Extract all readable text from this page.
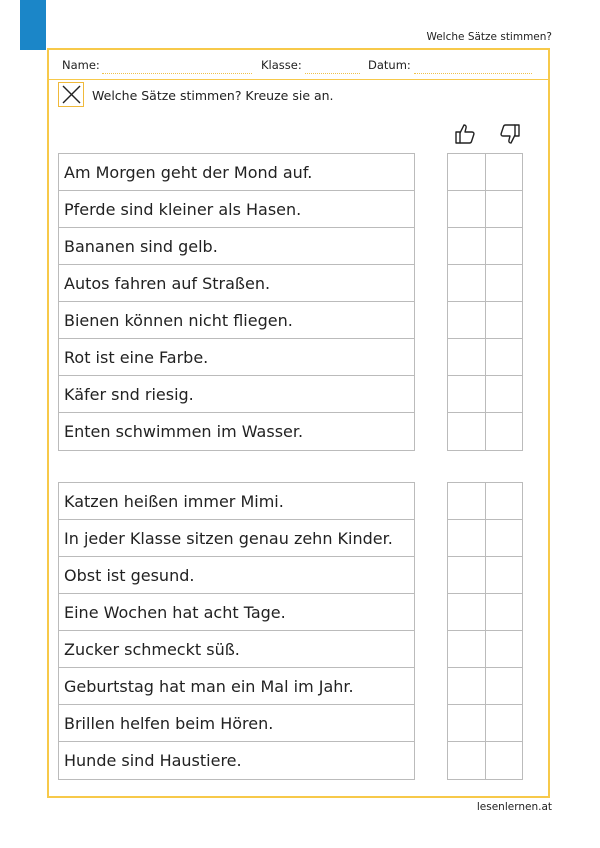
Welche Sätze stimmen?
Name:	Klasse:	Datum:
Welche Sätze stimmen? Kreuze sie an.
Am Morgen geht der Mond auf.
Pferde sind kleiner als Hasen.
Bananen sind gelb.
Autos fahren auf Straßen.
Bienen können nicht fliegen.
Rot ist eine Farbe.
Käfer snd riesig.
Enten schwimmen im Wasser.
Katzen heißen immer Mimi.
In jeder Klasse sitzen genau zehn Kinder.
Obst ist gesund.
Eine Wochen hat acht Tage.
Zucker schmeckt süß.
Geburtstag hat man ein Mal im Jahr.
Brillen helfen beim Hören.
Hunde sind Haustiere.
lesenlernen.at
